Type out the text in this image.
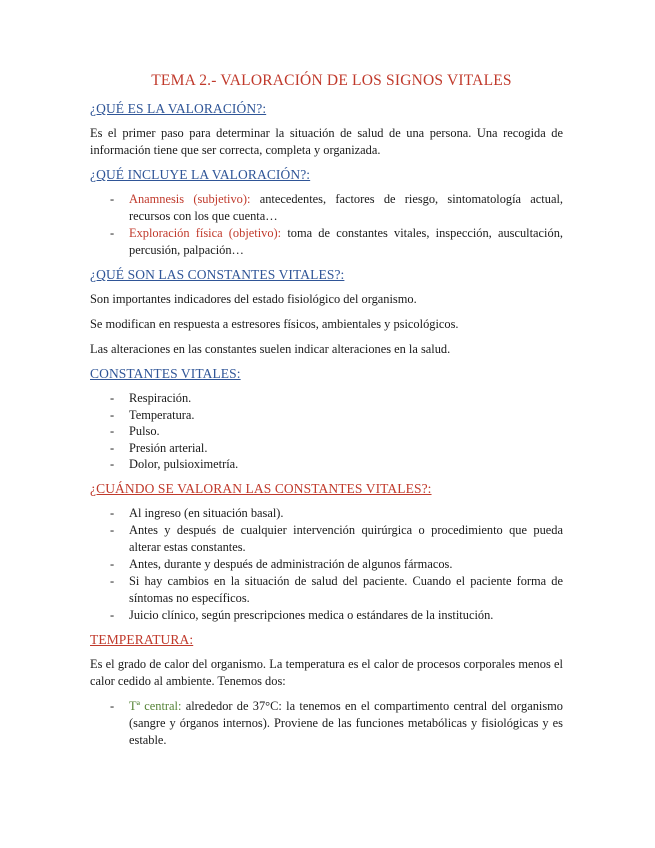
TEMA 2.- VALORACIÓN DE LOS SIGNOS VITALES
¿QUÉ ES LA VALORACIÓN?:

Es el primer paso para determinar la situación de salud de una persona. Una recogida de información tiene que ser correcta, completa y organizada.

¿QUÉ INCLUYE LA VALORACIÓN?:
- Anamnesis (subjetivo): antecedentes, factores de riesgo, sintomatología actual, recursos con los que cuenta…
- Exploración física (objetivo): toma de constantes vitales, inspección, auscultación, percusión, palpación…
¿QUÉ SON LAS CONSTANTES VITALES?:

Son importantes indicadores del estado fisiológico del organismo.

Se modifican en respuesta a estresores físicos, ambientales y psicológicos.

Las alteraciones en las constantes suelen indicar alteraciones en la salud.

CONSTANTES VITALES:
- Respiración.
- Temperatura.
- Pulso.
- Presión arterial.
- Dolor, pulsioximetría.
¿CUÁNDO SE VALORAN LAS CONSTANTES VITALES?:
- Al ingreso (en situación basal).
- Antes y después de cualquier intervención quirúrgica o procedimiento que pueda alterar estas constantes.
- Antes, durante y después de administración de algunos fármacos.
- Si hay cambios en la situación de salud del paciente. Cuando el paciente forma de síntomas no específicos.
- Juicio clínico, según prescripciones medica o estándares de la institución.
TEMPERATURA:

Es el grado de calor del organismo. La temperatura es el calor de procesos corporales menos el calor cedido al ambiente. Tenemos dos:

- Tª central: alrededor de 37°C: la tenemos en el compartimento central del organismo (sangre y órganos internos). Proviene de las funciones metabólicas y fisiológicas y es estable.
